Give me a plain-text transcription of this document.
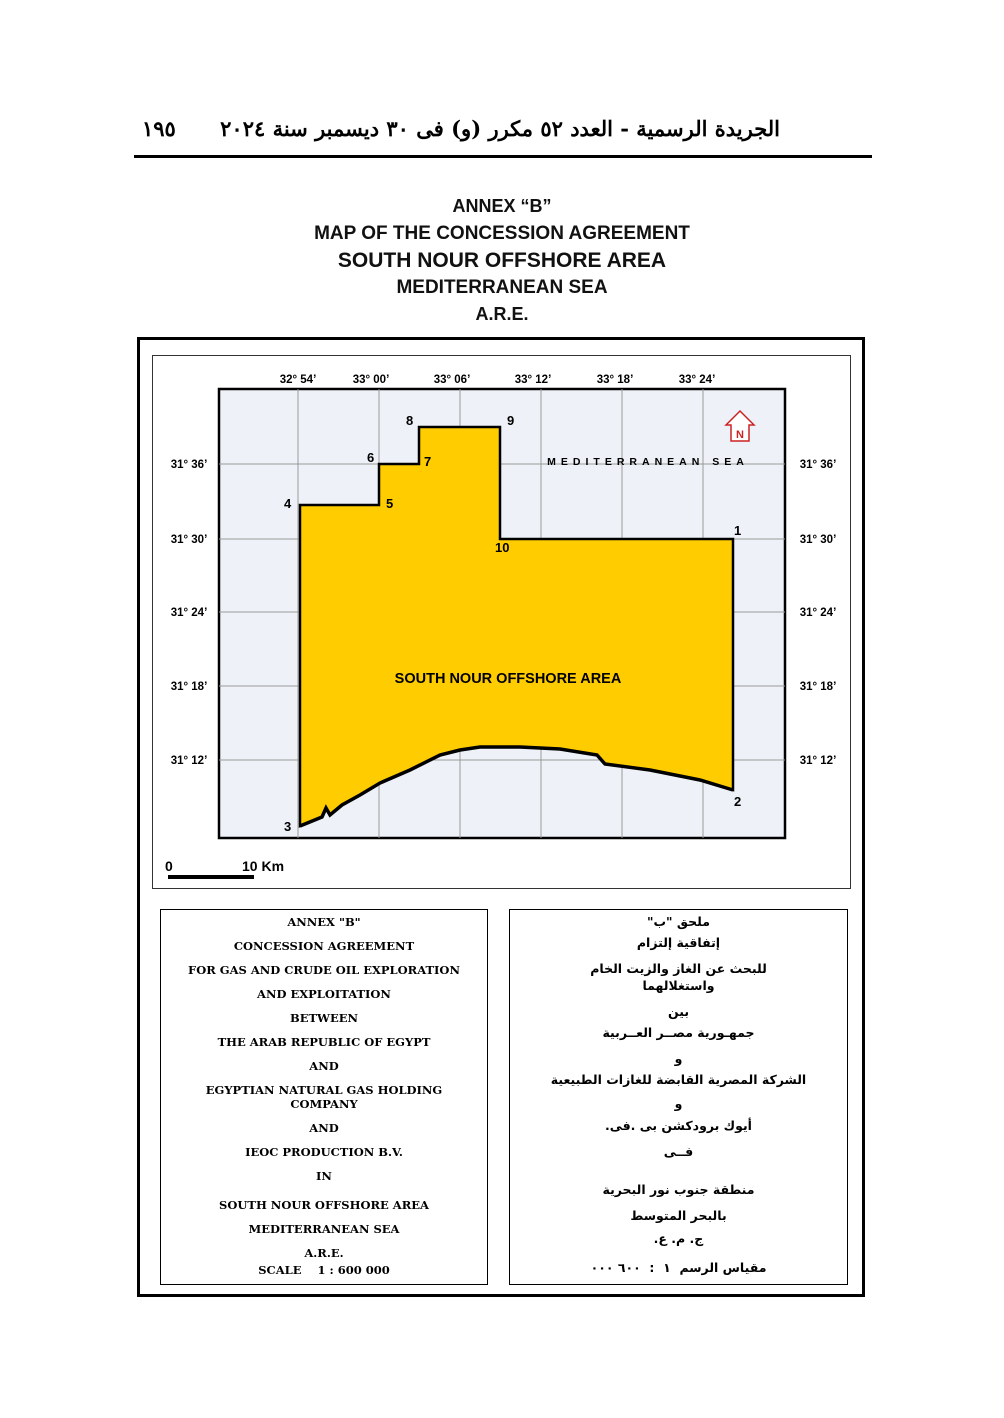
١٩٥ الجريدة الرسمية - العدد ٥٢ مكرر (و) فى ٣٠ ديسمبر سنة ٢٠٢٤
ANNEX “B”
MAP OF THE CONCESSION AGREEMENT
SOUTH NOUR OFFSHORE AREA
MEDITERRANEAN SEA
A.R.E.
32° 54’	33° 00’	33° 06’	33° 12’	33° 18’	33° 24’
31° 36’
31° 30’
31° 24’
31° 18’
31° 12’
31° 36’
31° 30’
31° 24’
31° 18’
31° 12’
MEDITERRANEAN SEA
SOUTH NOUR OFFSHORE AREA
1
2
3
4	5
6	7
8	9
10
N
0	10 Km
ANNEX "B"
CONCESSION AGREEMENT
FOR GAS AND CRUDE OIL EXPLORATION
AND EXPLOITATION
BETWEEN
THE ARAB REPUBLIC OF EGYPT
AND
EGYPTIAN NATURAL GAS HOLDING
COMPANY
AND
IEOC PRODUCTION B.V.
IN
SOUTH NOUR OFFSHORE AREA
MEDITERRANEAN SEA
A.R.E.
SCALE    1 : 600 000
ملحق "ب"
إتفاقية إلتزام
للبحث عن الغاز والزيت الخام
واستغلالهما
بين
جمهـورية مصــر العــربية
و
الشركة المصرية القابضة للغازات الطبيعية
و
أيوك برودكشن بى .فى.
فــى
منطقة جنوب نور البحرية
بالبحر المتوسط
ج. م. ع.
مقياس الرسم  ١  :  ٦٠٠ ٠٠٠
